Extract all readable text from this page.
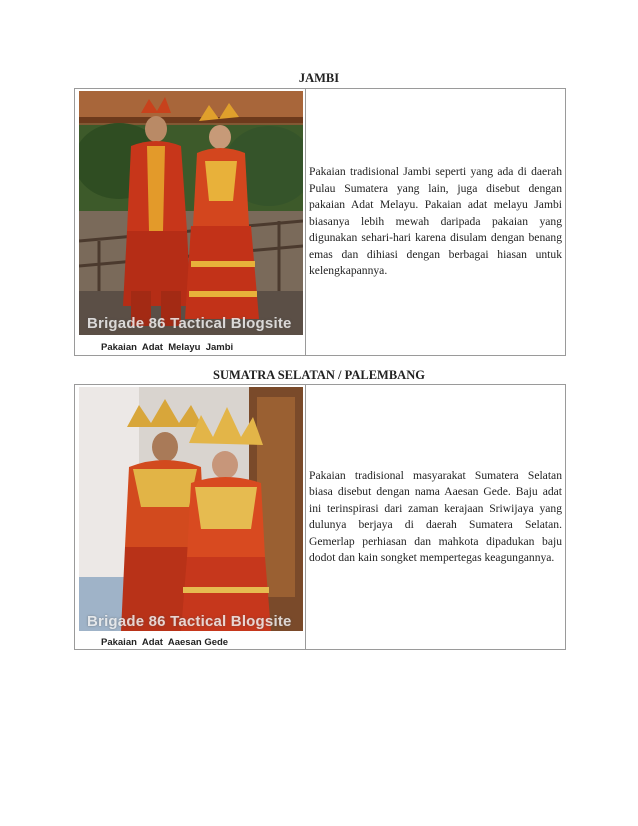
JAMBI
Brigade 86 Tactical Blogsite
Pakaian  Adat  Melayu  Jambi
Pakaian tradisional Jambi seperti yang ada di daerah Pulau Sumatera yang lain, juga disebut dengan pakaian Adat Melayu. Pakaian adat melayu Jambi biasanya lebih mewah daripada pakaian yang digunakan sehari-hari karena disulam dengan benang emas dan dihiasi dengan berbagai hiasan untuk kelengkapannya.
SUMATRA SELATAN / PALEMBANG
Brigade 86 Tactical Blogsite
Pakaian  Adat  Aaesan Gede
Pakaian tradisional masyarakat Sumatera Selatan biasa disebut dengan nama Aaesan Gede. Baju adat ini terinspirasi dari zaman kerajaan Sriwijaya yang dulunya berjaya di daerah Sumatera Selatan. Gemerlap perhiasan dan mahkota dipadukan baju dodot dan kain songket mempertegas keagungannya.
